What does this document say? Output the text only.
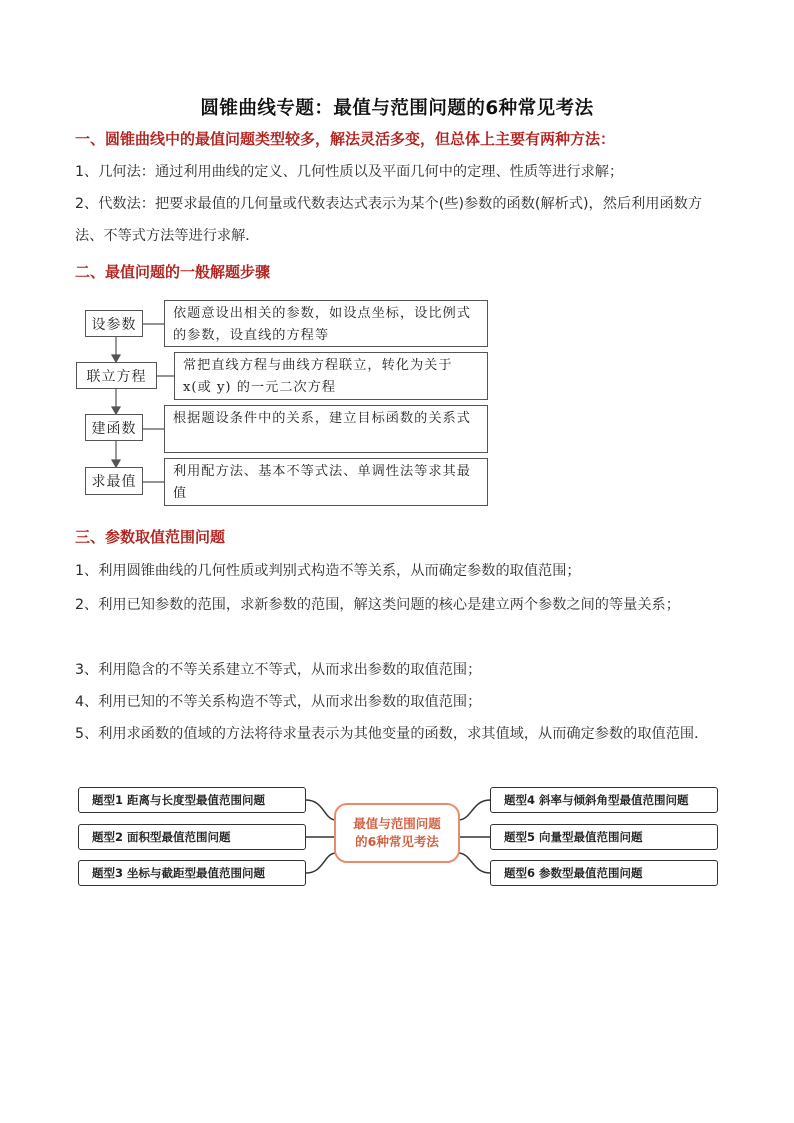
圆锥曲线专题：最值与范围问题的6种常见考法
一、圆锥曲线中的最值问题类型较多，解法灵活多变，但总体上主要有两种方法：
1、几何法：通过利用曲线的定义、几何性质以及平面几何中的定理、性质等进行求解；
2、代数法：把要求最值的几何量或代数表达式表示为某个(些)参数的函数(解析式)，然后利用函数方法、不等式方法等进行求解．
二、最值问题的一般解题步骤
设参数
依题意设出相关的参数，如设点坐标，设比例式的参数，设直线的方程等
联立方程
常把直线方程与曲线方程联立，转化为关于 x(或 y) 的一元二次方程
建函数
根据题设条件中的关系，建立目标函数的关系式
求最值
利用配方法、基本不等式法、单调性法等求其最值
三、参数取值范围问题
1、利用圆锥曲线的几何性质或判别式构造不等关系，从而确定参数的取值范围；
2、利用已知参数的范围，求新参数的范围，解这类问题的核心是建立两个参数之间的等量关系；
3、利用隐含的不等关系建立不等式，从而求出参数的取值范围；
4、利用已知的不等关系构造不等式，从而求出参数的取值范围；
5、利用求函数的值域的方法将待求量表示为其他变量的函数，求其值域，从而确定参数的取值范围．
题型1 距离与长度型最值范围问题
题型2 面积型最值范围问题
题型3 坐标与截距型最值范围问题
最值与范围问题
的6种常见考法
题型4 斜率与倾斜角型最值范围问题
题型5 向量型最值范围问题
题型6 参数型最值范围问题
